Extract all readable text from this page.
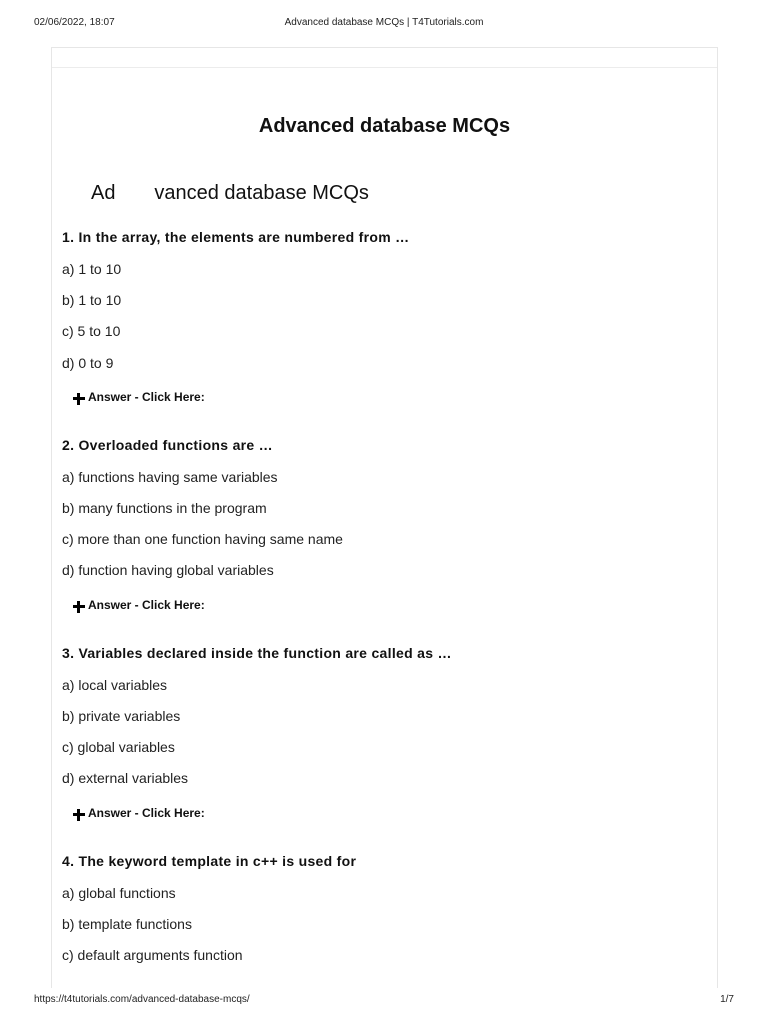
02/06/2022, 18:07	Advanced database MCQs | T4Tutorials.com
Advanced database MCQs
Ad vanced database MCQs
1. In the array, the elements are numbered from …
a) 1 to 10
b) 1 to 10
c) 5 to 10
d) 0 to 9
Answer - Click Here:
2. Overloaded functions are …
a) functions having same variables
b) many functions in the program
c) more than one function having same name
d) function having global variables
Answer - Click Here:
3. Variables declared inside the function are called as …
a) local variables
b) private variables
c) global variables
d) external variables
Answer - Click Here:
4. The keyword template in c++ is used for
a) global functions
b) template functions
c) default arguments function
https://t4tutorials.com/advanced-database-mcqs/	1/7
